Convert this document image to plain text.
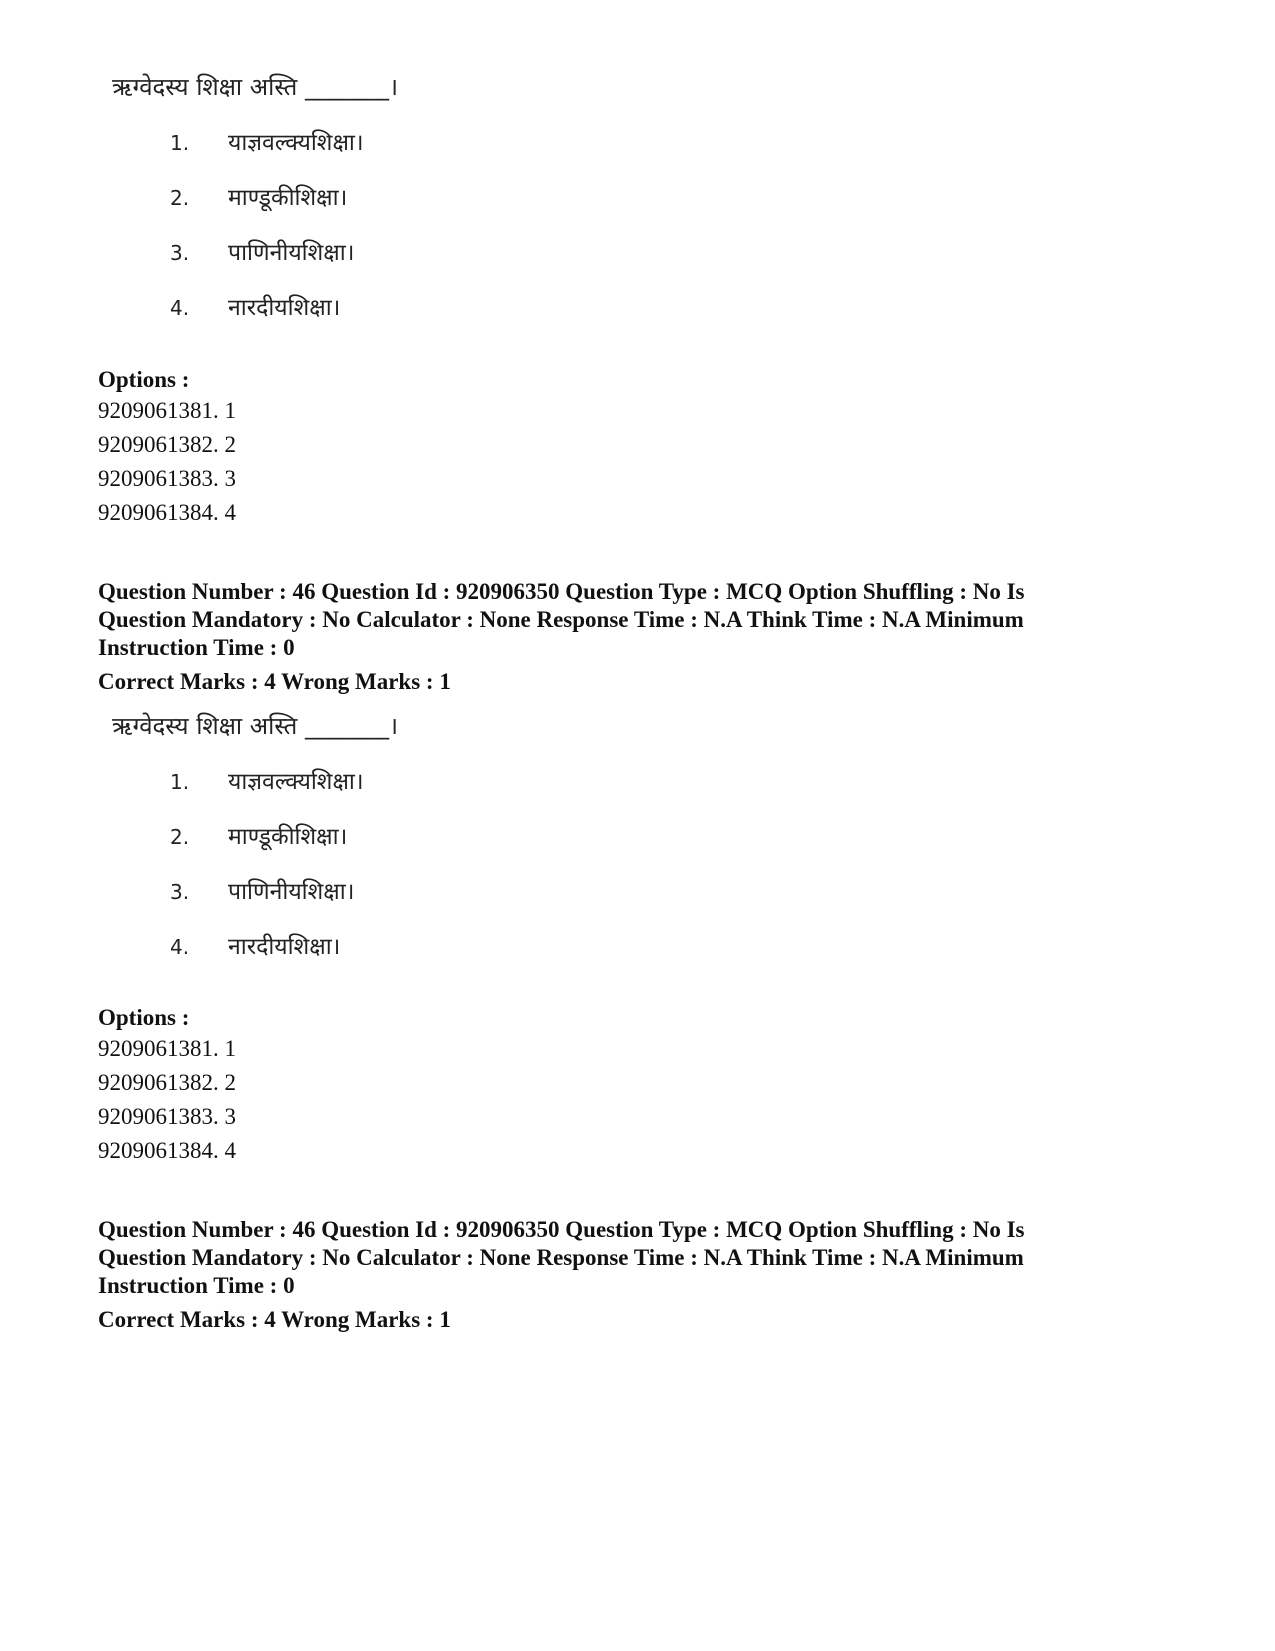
ऋग्वेदस्य शिक्षा अस्ति _______।
1. याज्ञवल्क्यशिक्षा।
2. माण्डूकीशिक्षा।
3. पाणिनीयशिक्षा।
4. नारदीयशिक्षा।
Options :
9209061381. 1
9209061382. 2
9209061383. 3
9209061384. 4
Question Number : 46 Question Id : 920906350 Question Type : MCQ Option Shuffling : No Is Question Mandatory : No Calculator : None Response Time : N.A Think Time : N.A Minimum Instruction Time : 0
Correct Marks : 4 Wrong Marks : 1
ऋग्वेदस्य शिक्षा अस्ति _______।
1. याज्ञवल्क्यशिक्षा।
2. माण्डूकीशिक्षा।
3. पाणिनीयशिक्षा।
4. नारदीयशिक्षा।
Options :
9209061381. 1
9209061382. 2
9209061383. 3
9209061384. 4
Question Number : 46 Question Id : 920906350 Question Type : MCQ Option Shuffling : No Is Question Mandatory : No Calculator : None Response Time : N.A Think Time : N.A Minimum Instruction Time : 0
Correct Marks : 4 Wrong Marks : 1
